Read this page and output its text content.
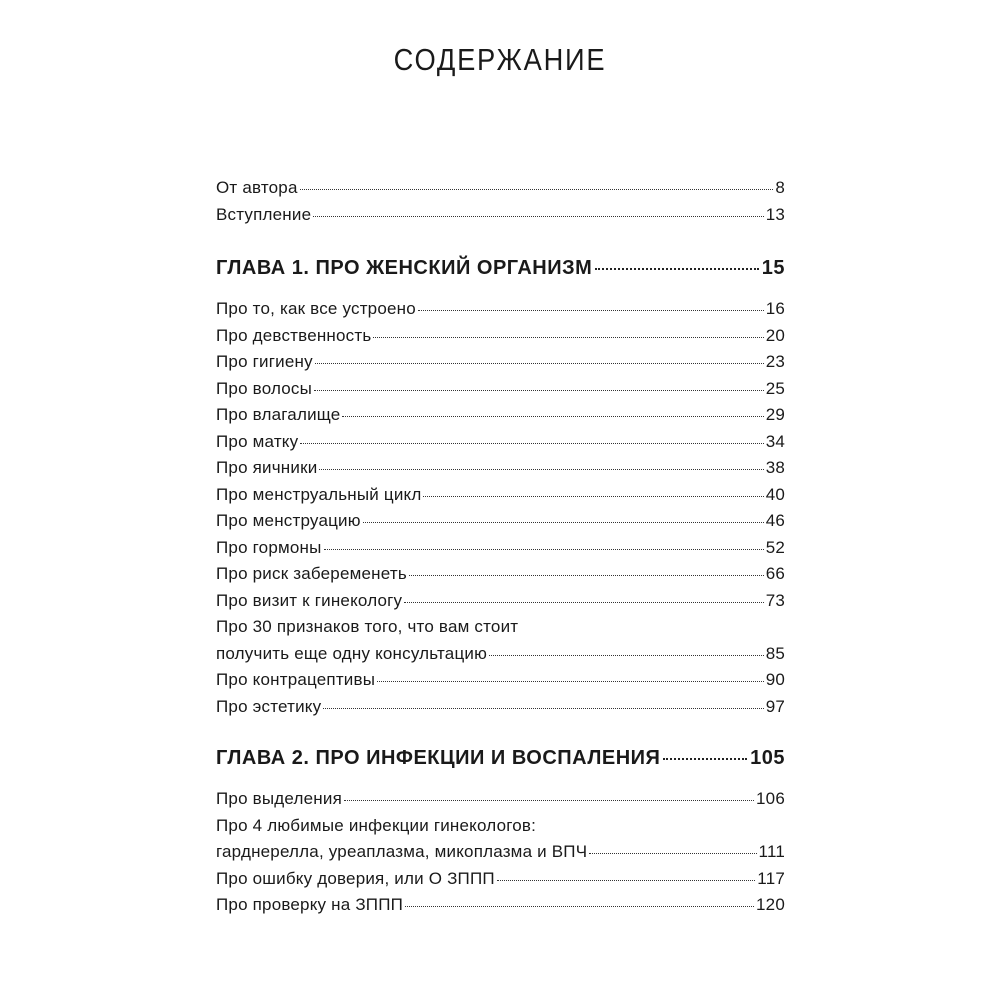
СОДЕРЖАНИЕ
От автора	8
Вступление	13
ГЛАВА 1. ПРО ЖЕНСКИЙ ОРГАНИЗМ	15
Про то, как все устроено	16
Про девственность	20
Про гигиену	23
Про волосы	25
Про влагалище	29
Про матку	34
Про яичники	38
Про менструальный цикл	40
Про менструацию	46
Про гормоны	52
Про риск забеременеть	66
Про визит к гинекологу	73
Про 30 признаков того, что вам стоит
получить еще одну консультацию	85
Про контрацептивы	90
Про эстетику	97
ГЛАВА 2. ПРО ИНФЕКЦИИ И ВОСПАЛЕНИЯ	105
Про выделения	106
Про 4 любимые инфекции гинекологов:
гарднерелла, уреаплазма, микоплазма и ВПЧ	111
Про ошибку доверия, или О ЗППП	117
Про проверку на ЗППП	120
